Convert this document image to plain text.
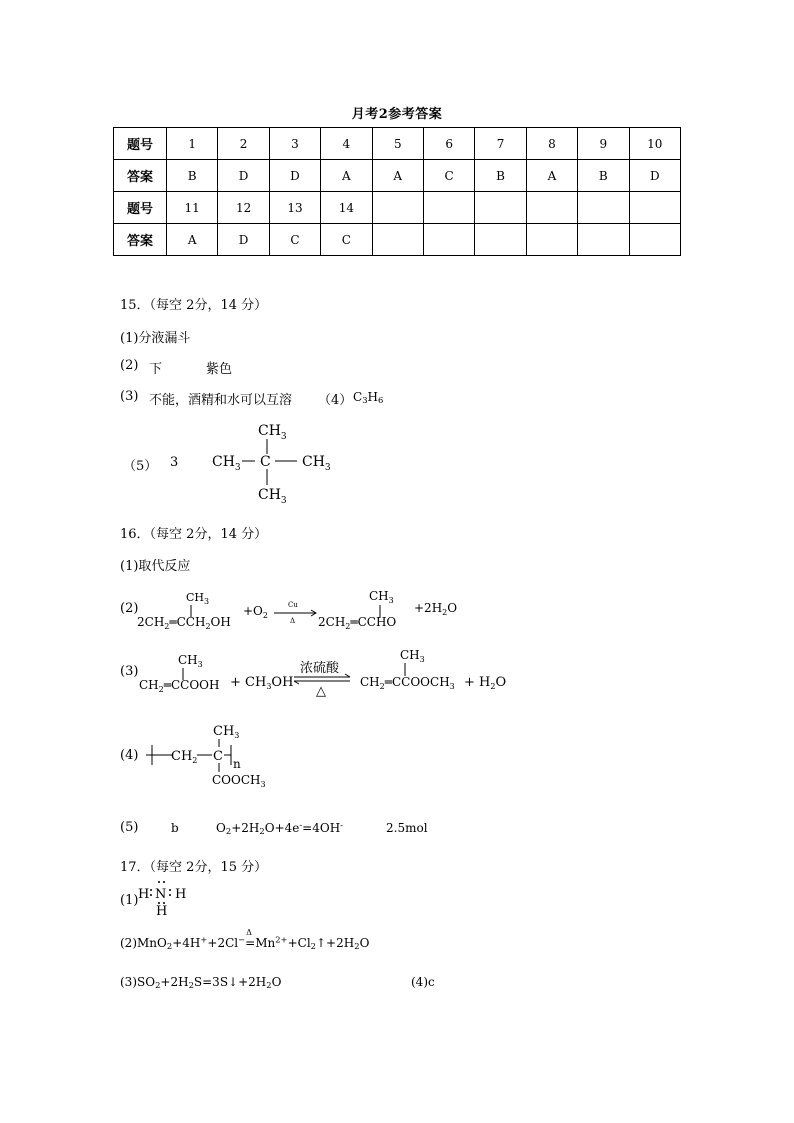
月考2参考答案
题号	1	2	3	4	5	6	7	8	9	10
答案	B	D	D	A	A	C	B	A	B	D
题号	11	12	13	14						
答案	A	D	C	C						
15．（每空 2分，14 分）
(1)分液漏斗
(2) 下	紫色
(3) 不能，酒精和水可以互溶 （4） $C_3H_6$
（5） 3
$CH_3$
$CH_3$ C $CH_3$
$CH_3$
16．（每空 2分，14 分）
(1)取代反应
(2)
$CH_3$
$2CH_2═CCH_2OH$
$+O_2$
Cu
Δ
$CH_3$
$2CH_2═CCHO$
$+2H_2O$
(3)
$CH_3$
$CH_2═CCOOH + CH_3OH$
浓硫酸
△
$CH_3$
$CH_2═CCOOCH_3 + H_2O$
(4)
$CH_3$
$CH_2$ C n
$COOCH_3$
(5)	b	$O_2+2H_2O+4e^-=4OH^-$	2.5mol
17．（每空 2分，15 分）
(1) H N H
H
(2)MnO$_2$+4H++2Cl−=
Δ
$Mn^{2+}+Cl_2↑+2H_2O$
$(3)SO_2+2H_2S=3S↓+2H_2O$	(4)c
